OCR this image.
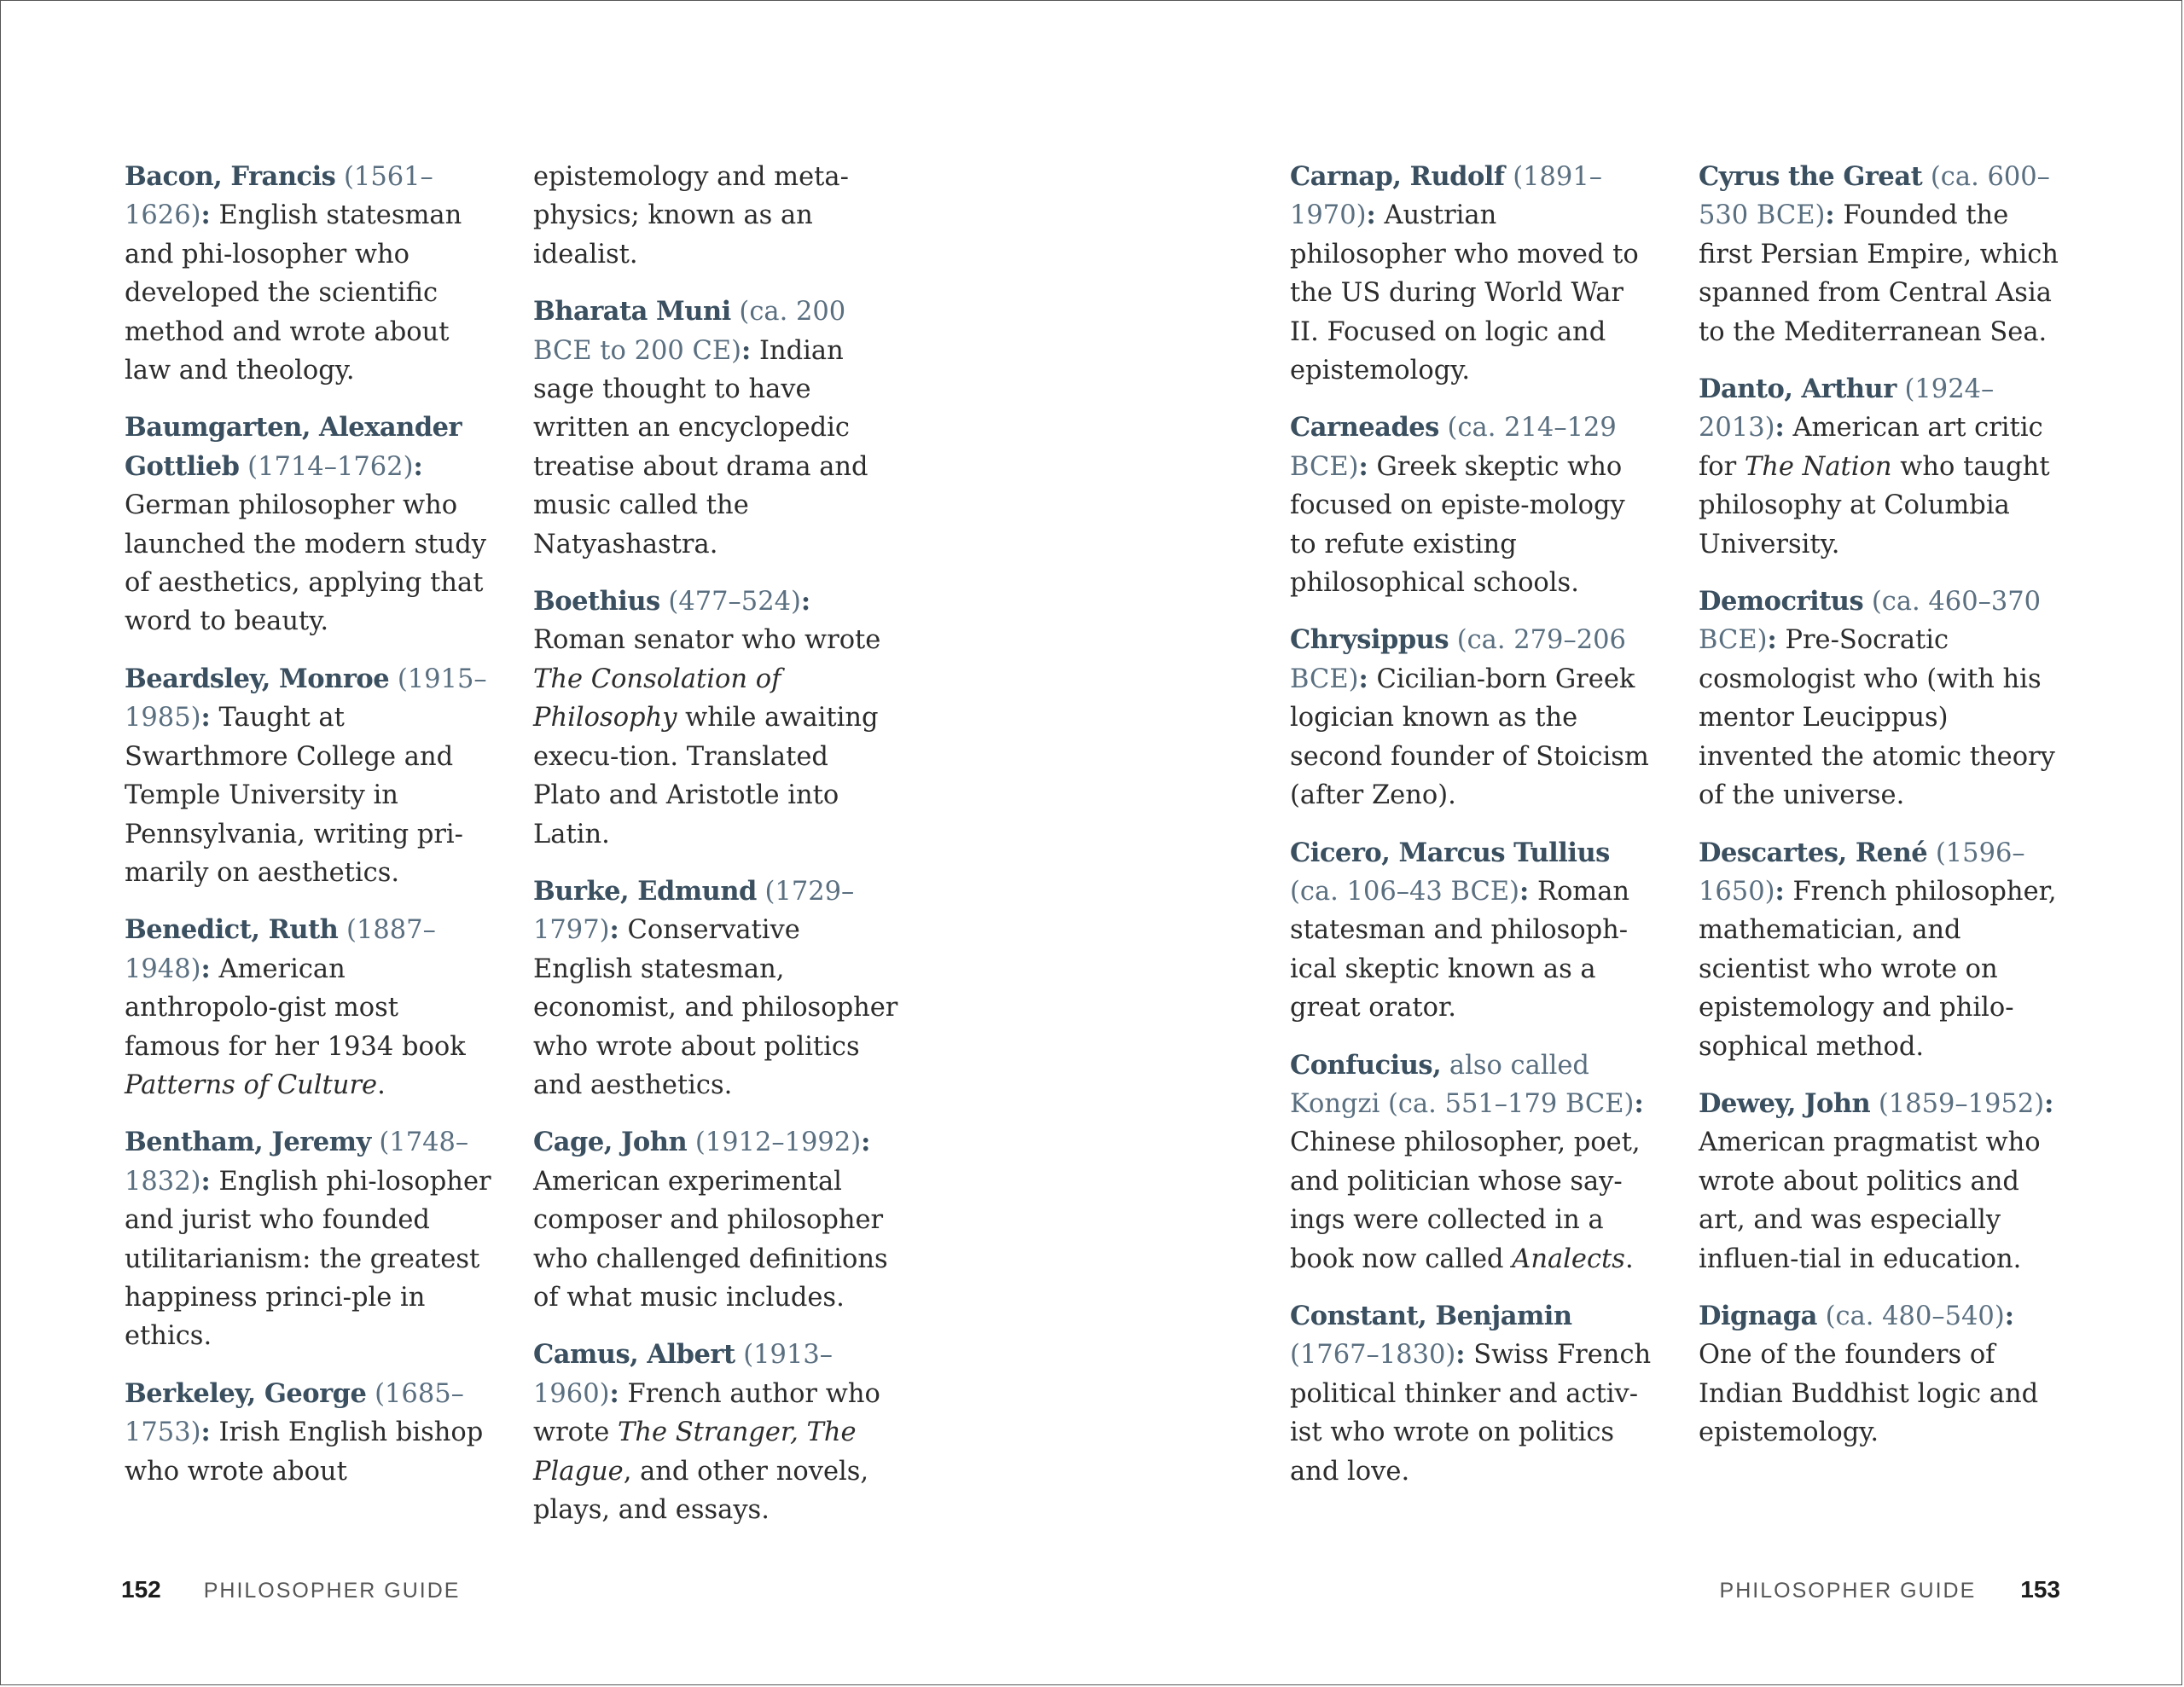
Bacon, Francis (1561–1626): English statesman and phi-losopher who developed the scientific method and wrote about law and theology.
Baumgarten, Alexander Gottlieb (1714–1762): German philosopher who launched the modern study of aesthetics, applying that word to beauty.
Beardsley, Monroe (1915–1985): Taught at Swarthmore College and Temple University in Pennsylvania, writing pri-marily on aesthetics.
Benedict, Ruth (1887–1948): American anthropolo-gist most famous for her 1934 book Patterns of Culture.
Bentham, Jeremy (1748–1832): English phi-losopher and jurist who founded utilitarianism: the greatest happiness princi-ple in ethics.
Berkeley, George (1685–1753): Irish English bishop who wrote about
epistemology and meta-physics; known as an idealist.
Bharata Muni (ca. 200 BCE to 200 CE): Indian sage thought to have written an encyclopedic treatise about drama and music called the Natyashastra.
Boethius (477–524): Roman senator who wrote The Consolation of Philosophy while awaiting execu-tion. Translated Plato and Aristotle into Latin.
Burke, Edmund (1729–1797): Conservative English statesman, economist, and philosopher who wrote about politics and aesthetics.
Cage, John (1912–1992): American experimental composer and philosopher who challenged definitions of what music includes.
Camus, Albert (1913–1960): French author who wrote The Stranger, The Plague, and other novels, plays, and essays.
Carnap, Rudolf (1891–1970): Austrian philosopher who moved to the US during World War II. Focused on logic and epistemology.
Carneades (ca. 214–129 BCE): Greek skeptic who focused on episte-mology to refute existing philosophical schools.
Chrysippus (ca. 279–206 BCE): Cicilian-born Greek logician known as the second founder of Stoicism (after Zeno).
Cicero, Marcus Tullius (ca. 106–43 BCE): Roman statesman and philosoph-ical skeptic known as a great orator.
Confucius, also called Kongzi (ca. 551–179 BCE): Chinese philosopher, poet, and politician whose say-ings were collected in a book now called Analects.
Constant, Benjamin (1767–1830): Swiss French political thinker and activ-ist who wrote on politics and love.
Cyrus the Great (ca. 600–530 BCE): Founded the first Persian Empire, which spanned from Central Asia to the Mediterranean Sea.
Danto, Arthur (1924–2013): American art critic for The Nation who taught philosophy at Columbia University.
Democritus (ca. 460–370 BCE): Pre-Socratic cosmologist who (with his mentor Leucippus) invented the atomic theory of the universe.
Descartes, René (1596–1650): French philosopher, mathematician, and scientist who wrote on epistemology and philo-sophical method.
Dewey, John (1859–1952): American pragmatist who wrote about politics and art, and was especially influen-tial in education.
Dignaga (ca. 480–540): One of the founders of Indian Buddhist logic and epistemology.
152 PHILOSOPHER GUIDE	PHILOSOPHER GUIDE 153
